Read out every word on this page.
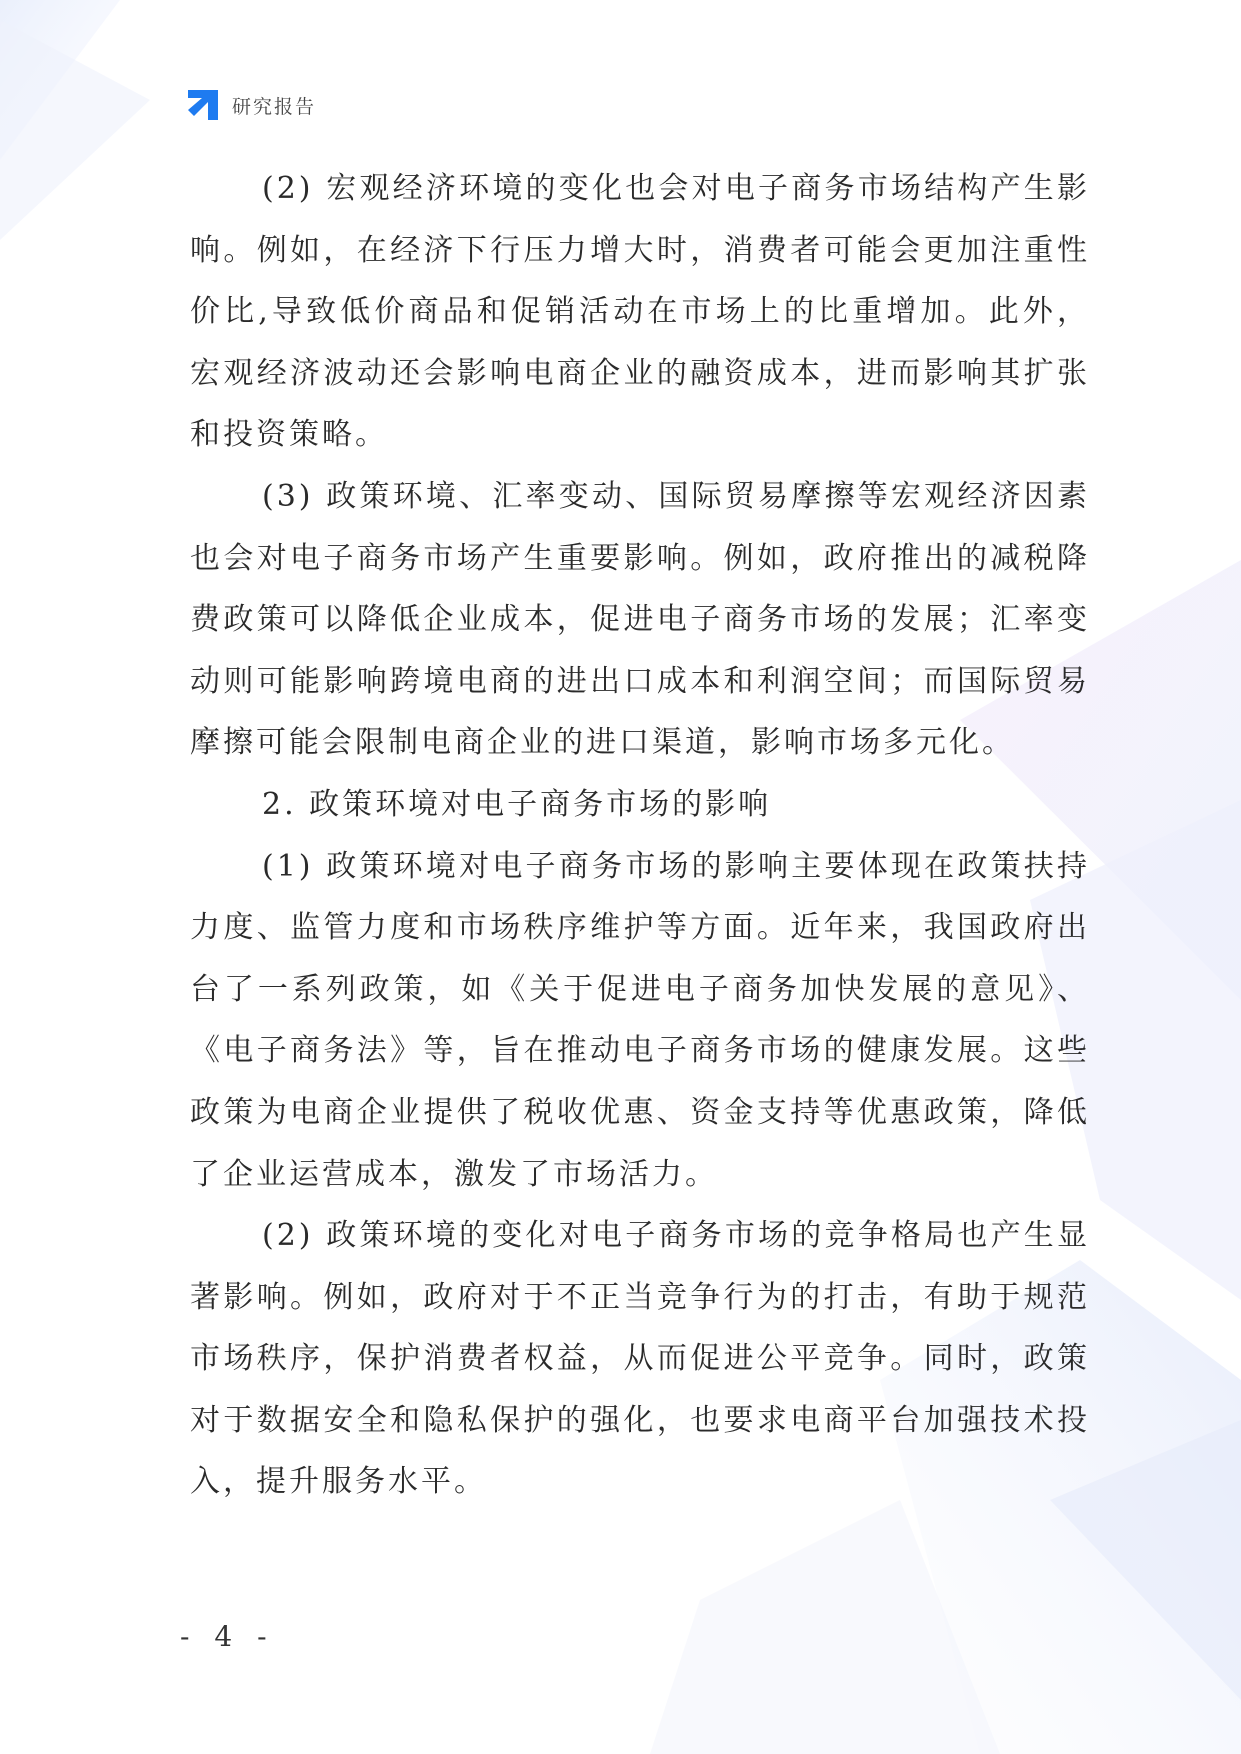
研究报告

(2) 宏观经济环境的变化也会对电子商务市场结构产生影响。例如，在经济下行压力增大时，消费者可能会更加注重性价比,导致低价商品和促销活动在市场上的比重增加。此外，宏观经济波动还会影响电商企业的融资成本，进而影响其扩张和投资策略。

(3) 政策环境、汇率变动、国际贸易摩擦等宏观经济因素也会对电子商务市场产生重要影响。例如，政府推出的减税降费政策可以降低企业成本，促进电子商务市场的发展；汇率变动则可能影响跨境电商的进出口成本和利润空间；而国际贸易摩擦可能会限制电商企业的进口渠道，影响市场多元化。

2. 政策环境对电子商务市场的影响

(1) 政策环境对电子商务市场的影响主要体现在政策扶持力度、监管力度和市场秩序维护等方面。近年来，我国政府出台了一系列政策，如《关于促进电子商务加快发展的意见》、《电子商务法》等，旨在推动电子商务市场的健康发展。这些政策为电商企业提供了税收优惠、资金支持等优惠政策，降低了企业运营成本，激发了市场活力。

(2) 政策环境的变化对电子商务市场的竞争格局也产生显著影响。例如，政府对于不正当竞争行为的打击，有助于规范市场秩序，保护消费者权益，从而促进公平竞争。同时，政策对于数据安全和隐私保护的强化，也要求电商平台加强技术投入，提升服务水平。

- 4 -
